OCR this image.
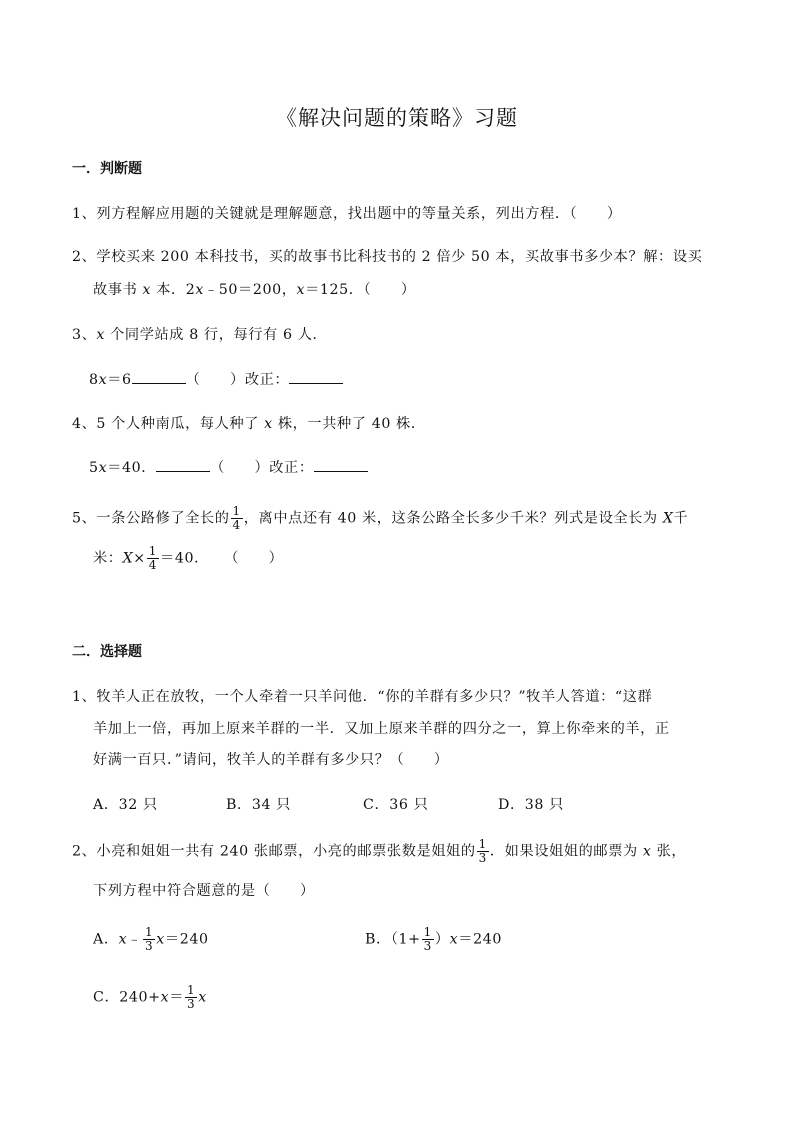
《解决问题的策略》习题
一．判断题
1、列方程解应用题的关键就是理解题意，找出题中的等量关系，列出方程．（　　）
2、学校买来 200 本科技书，买的故事书比科技书的 2 倍少 50 本，买故事书多少本？解：设买
故事书 x 本．2x﹣50＝200，x＝125．（　　）
3、x 个同学站成 8 行，每行有 6 人．
8x＝6	（　　）改正：
4、5 个人种南瓜，每人种了 x 株，一共种了 40 株．
5x＝40．	（　　）改正：
5、一条公路修了全长的 $\frac{1}{4}$ ，离中点还有 40 米，这条公路全长多少千米？列式是设全长为 X千
米：$X\times \frac{1}{4} =40$．　　（　　）
二．选择题
1、牧羊人正在放牧，一个人牵着一只羊问他．“你的羊群有多少只？”牧羊人答道：“这群
羊加上一倍，再加上原来羊群的一半．又加上原来羊群的四分之一，算上你牵来的羊，正
好满一百只．”请问，牧羊人的羊群有多少只？（　　）
A．32 只	B．34 只	C．36 只	D．38 只
2、小亮和姐姐一共有 240 张邮票，小亮的邮票张数是姐姐的 $\frac{1}{3}$ ．如果设姐姐的邮票为 x 张，
下列方程中符合题意的是（　　）
A．x﹣ $\frac{1}{3} x=240$	B．$(1+ \frac{1}{3} )x=240$
C．$240+x= \frac{1}{3}$ x
